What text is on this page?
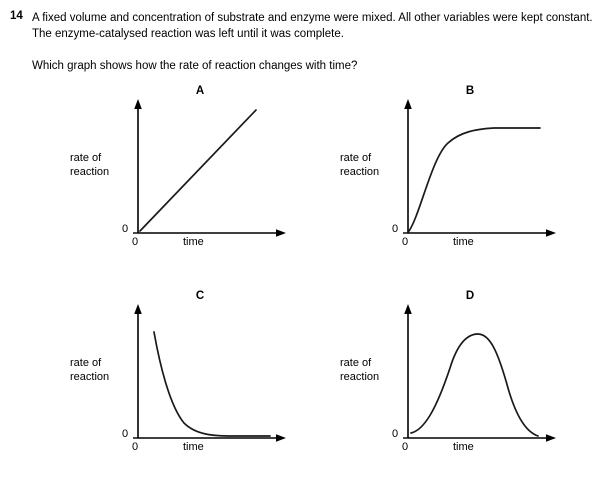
14 A fixed volume and concentration of substrate and enzyme were mixed. All other variables were kept constant. The enzyme-catalysed reaction was left until it was complete.
Which graph shows how the rate of reaction changes with time?
A
rate of
reaction
0
0	time
B
rate of
reaction
0
0	time
C
rate of
reaction
0
0	time
D
rate of
reaction
0
0	time
